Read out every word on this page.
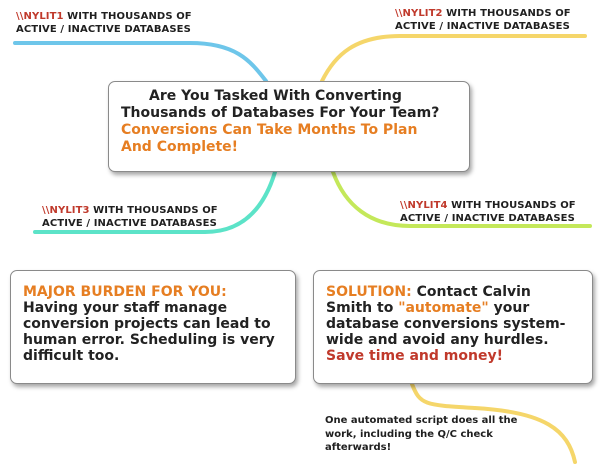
\\NYLIT1 WITH THOUSANDS OF
ACTIVE / INACTIVE DATABASES
\\NYLIT2 WITH THOUSANDS OF
ACTIVE / INACTIVE DATABASES
\\NYLIT3 WITH THOUSANDS OF
ACTIVE / INACTIVE DATABASES
\\NYLIT4 WITH THOUSANDS OF
ACTIVE / INACTIVE DATABASES
Are You Tasked With Converting
Thousands of Databases For Your Team?
Conversions Can Take Months To Plan
And Complete!
MAJOR BURDEN FOR YOU:
Having your staff manage
conversion projects can lead to
human error. Scheduling is very
difficult too.
SOLUTION: Contact Calvin
Smith to "automate" your
database conversions system-
wide and avoid any hurdles.
Save time and money!
One automated script does all the
work, including the Q/C check
afterwards!
